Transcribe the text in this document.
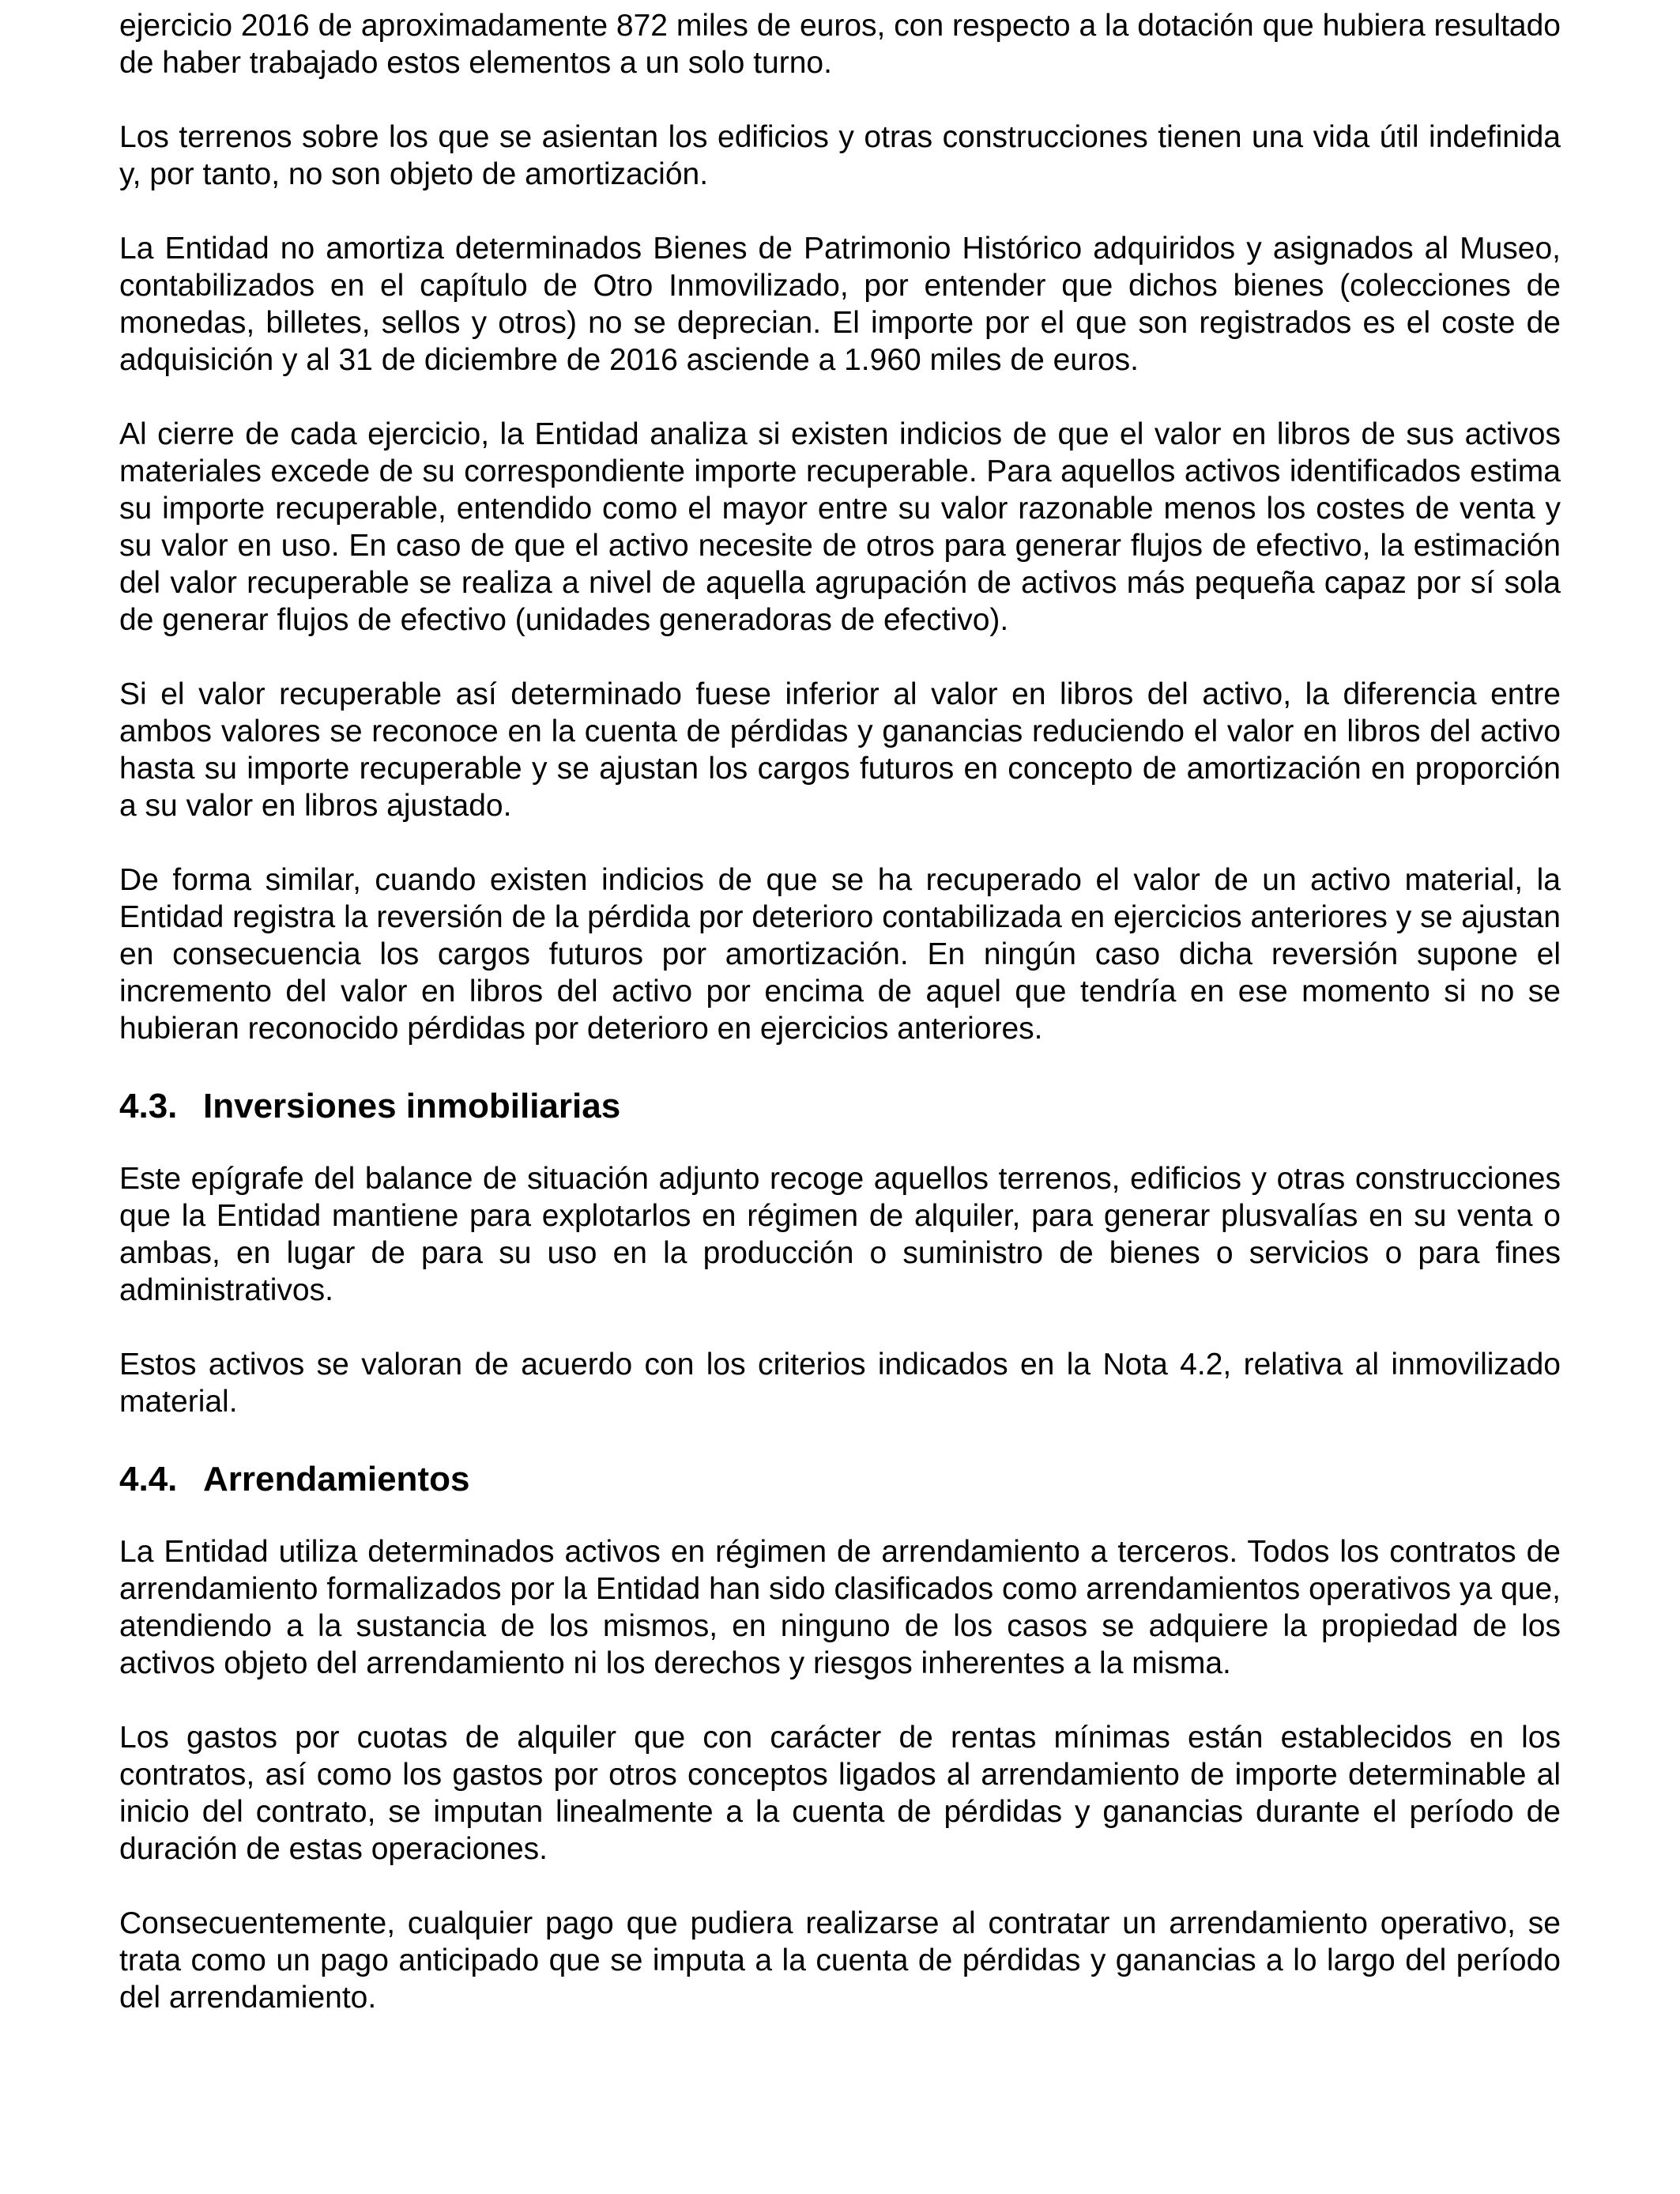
ejercicio 2016 de aproximadamente 872 miles de euros, con respecto a la dotación que hubiera resultado de haber trabajado estos elementos a un solo turno.

Los terrenos sobre los que se asientan los edificios y otras construcciones tienen una vida útil indefinida y, por tanto, no son objeto de amortización.

La Entidad no amortiza determinados Bienes de Patrimonio Histórico adquiridos y asignados al Museo, contabilizados en el capítulo de Otro Inmovilizado, por entender que dichos bienes (colecciones de monedas, billetes, sellos y otros) no se deprecian. El importe por el que son registrados es el coste de adquisición y al 31 de diciembre de 2016 asciende a 1.960 miles de euros.

Al cierre de cada ejercicio, la Entidad analiza si existen indicios de que el valor en libros de sus activos materiales excede de su correspondiente importe recuperable. Para aquellos activos identificados estima su importe recuperable, entendido como el mayor entre su valor razonable menos los costes de venta y su valor en uso. En caso de que el activo necesite de otros para generar flujos de efectivo, la estimación del valor recuperable se realiza a nivel de aquella agrupación de activos más pequeña capaz por sí sola de generar flujos de efectivo (unidades generadoras de efectivo).

Si el valor recuperable así determinado fuese inferior al valor en libros del activo, la diferencia entre ambos valores se reconoce en la cuenta de pérdidas y ganancias reduciendo el valor en libros del activo hasta su importe recuperable y se ajustan los cargos futuros en concepto de amortización en proporción a su valor en libros ajustado.

De forma similar, cuando existen indicios de que se ha recuperado el valor de un activo material, la Entidad registra la reversión de la pérdida por deterioro contabilizada en ejercicios anteriores y se ajustan en consecuencia los cargos futuros por amortización. En ningún caso dicha reversión supone el incremento del valor en libros del activo por encima de aquel que tendría en ese momento si no se hubieran reconocido pérdidas por deterioro en ejercicios anteriores.

4.3. Inversiones inmobiliarias

Este epígrafe del balance de situación adjunto recoge aquellos terrenos, edificios y otras construcciones que la Entidad mantiene para explotarlos en régimen de alquiler, para generar plusvalías en su venta o ambas, en lugar de para su uso en la producción o suministro de bienes o servicios o para fines administrativos.

Estos activos se valoran de acuerdo con los criterios indicados en la Nota 4.2, relativa al inmovilizado material.

4.4. Arrendamientos

La Entidad utiliza determinados activos en régimen de arrendamiento a terceros. Todos los contratos de arrendamiento formalizados por la Entidad han sido clasificados como arrendamientos operativos ya que, atendiendo a la sustancia de los mismos, en ninguno de los casos se adquiere la propiedad de los activos objeto del arrendamiento ni los derechos y riesgos inherentes a la misma.

Los gastos por cuotas de alquiler que con carácter de rentas mínimas están establecidos en los contratos, así como los gastos por otros conceptos ligados al arrendamiento de importe determinable al inicio del contrato, se imputan linealmente a la cuenta de pérdidas y ganancias durante el período de duración de estas operaciones.

Consecuentemente, cualquier pago que pudiera realizarse al contratar un arrendamiento operativo, se trata como un pago anticipado que se imputa a la cuenta de pérdidas y ganancias a lo largo del período del arrendamiento.
